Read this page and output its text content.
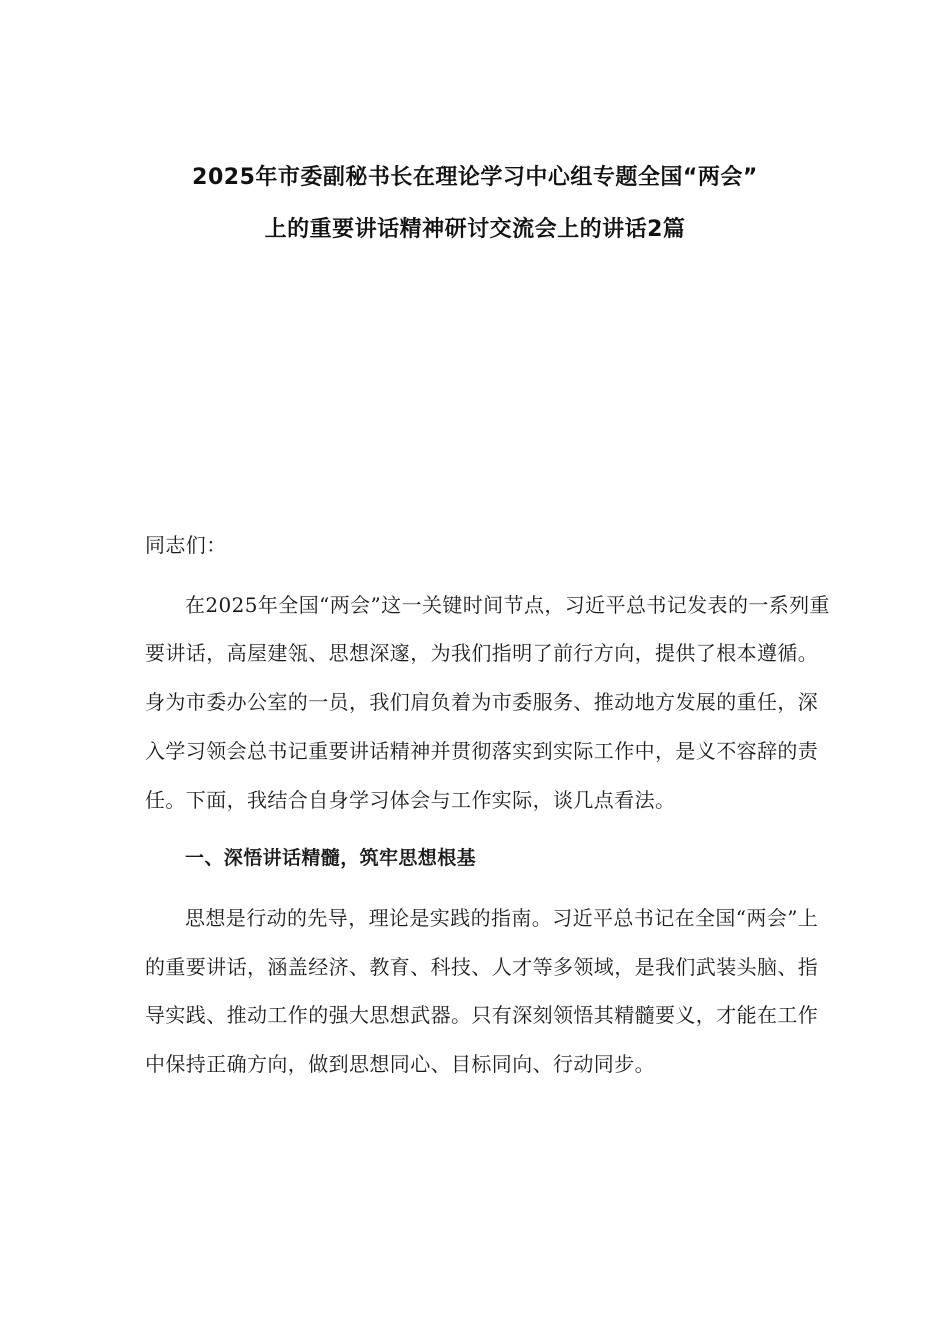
2025年市委副秘书长在理论学习中心组专题全国“两会”
上的重要讲话精神研讨交流会上的讲话2篇

同志们：

在2025年全国“两会”这一关键时间节点，习近平总书记发表的一系列重要讲话，高屋建瓴、思想深邃，为我们指明了前行方向，提供了根本遵循。身为市委办公室的一员，我们肩负着为市委服务、推动地方发展的重任，深入学习领会总书记重要讲话精神并贯彻落实到实际工作中，是义不容辞的责任。下面，我结合自身学习体会与工作实际，谈几点看法。

一、深悟讲话精髓，筑牢思想根基

思想是行动的先导，理论是实践的指南。习近平总书记在全国“两会”上的重要讲话，涵盖经济、教育、科技、人才等多领域，是我们武装头脑、指导实践、推动工作的强大思想武器。只有深刻领悟其精髓要义，才能在工作中保持正确方向，做到思想同心、目标同向、行动同步。
